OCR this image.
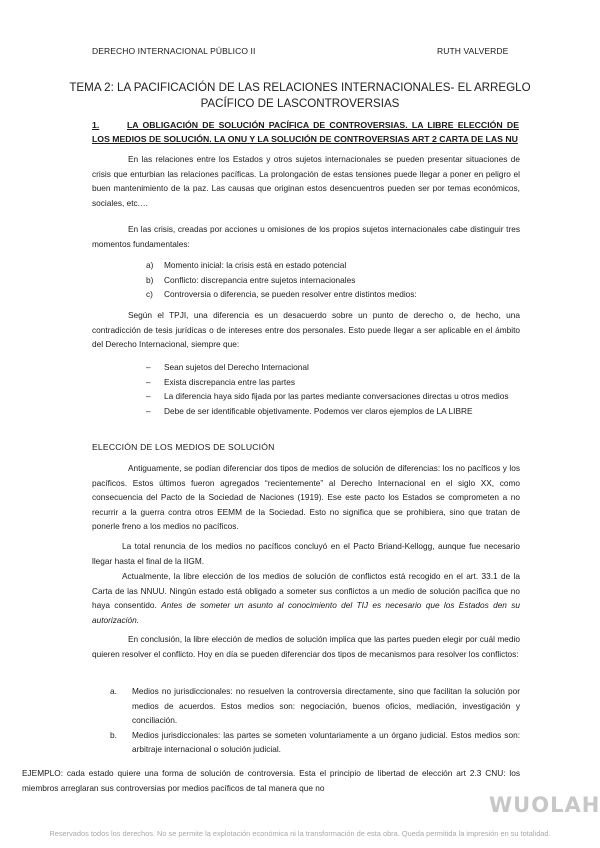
DERECHO INTERNACIONAL PÚBLICO II	RUTH VALVERDE
TEMA 2: LA PACIFICACIÓN DE LAS RELACIONES INTERNACIONALES- EL ARREGLO
PACÍFICO DE LASCONTROVERSIAS
1.	LA OBLIGACIÓN DE SOLUCIÓN PACÍFICA DE CONTROVERSIAS. LA LIBRE ELECCIÓN DE LOS MEDIOS DE SOLUCIÓN. LA ONU Y LA SOLUCIÓN DE CONTROVERSIAS ART 2 CARTA DE LAS NU

En las relaciones entre los Estados y otros sujetos internacionales se pueden presentar situaciones de crisis que enturbian las relaciones pacíficas. La prolongación de estas tensiones puede llegar a poner en peligro el buen mantenimiento de la paz. Las causas que originan estos desencuentros pueden ser por temas económicos, sociales, etc.…

En las crisis, creadas por acciones u omisiones de los propios sujetos internacionales cabe distinguir tres momentos fundamentales:

a) Momento inicial: la crisis está en estado potencial
b) Conflicto: discrepancia entre sujetos internacionales
c) Controversia o diferencia, se pueden resolver entre distintos medios:

Según el TPJI, una diferencia es un desacuerdo sobre un punto de derecho o, de hecho, una contradicción de tesis jurídicas o de intereses entre dos personales. Esto puede llegar a ser aplicable en el ámbito del Derecho Internacional, siempre que:

– Sean sujetos del Derecho Internacional
– Exista discrepancia entre las partes
– La diferencia haya sido fijada por las partes mediante conversaciones directas u otros medios
– Debe de ser identificable objetivamente. Podemos ver claros ejemplos de LA LIBRE
ELECCIÓN DE LOS MEDIOS DE SOLUCIÓN

Antiguamente, se podían diferenciar dos tipos de medios de solución de diferencias: los no pacíficos y los pacíficos. Estos últimos fueron agregados “recientemente” al Derecho Internacional en el siglo XX, como consecuencia del Pacto de la Sociedad de Naciones (1919). Ese este pacto los Estados se comprometen a no recurrir a la guerra contra otros EEMM de la Sociedad. Esto no significa que se prohibiera, sino que tratan de ponerle freno a los medios no pacíficos.

La total renuncia de los medios no pacíficos concluyó en el Pacto Briand-Kellogg, aunque fue necesario llegar hasta el final de la IIGM.

Actualmente, la libre elección de los medios de solución de conflictos está recogido en el art. 33.1 de la Carta de las NNUU. Ningún estado está obligado a someter sus conflictos a un medio de solución pacífica que no haya consentido. Antes de someter un asunto al conocimiento del TIJ es necesario que los Estados den su autorización.

En conclusión, la libre elección de medios de solución implica que las partes pueden elegir por cuál medio quieren resolver el conflicto. Hoy en día se pueden diferenciar dos tipos de mecanismos para resolver los conflictos:

a. Medios no jurisdiccionales: no resuelven la controversia directamente, sino que facilitan la solución por medios de acuerdos. Estos medios son: negociación, buenos oficios, mediación, investigación y conciliación.
b. Medios jurisdiccionales: las partes se someten voluntariamente a un órgano judicial. Estos medios son: arbitraje internacional o solución judicial.

EJEMPLO: cada estado quiere una forma de solución de controversia. Esta el principio de libertad de elección art 2.3 CNU: los miembros arreglaran sus controversias por medios pacíficos de tal manera que no

WUOLAH
Reservados todos los derechos. No se permite la explotación económica ni la transformación de esta obra. Queda permitida la impresión en su totalidad.
